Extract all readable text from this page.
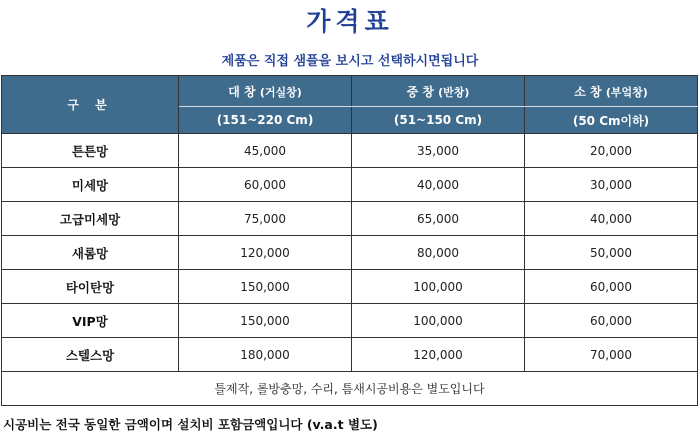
가격표
제품은 직접 샘플을 보시고 선택하시면됩니다
구 분	대 창 (거실창)	중 창 (반창)	소 창 (부엌창)
	(151~220 Cm)	(51~150 Cm)	(50 Cm이하)
튼튼망	45,000	35,000	20,000
미세망	60,000	40,000	30,000
고급미세망	75,000	65,000	40,000
새롬망	120,000	80,000	50,000
타이탄망	150,000	100,000	60,000
VIP망	150,000	100,000	60,000
스텔스망	180,000	120,000	70,000
틀제작, 롤방충망, 수리, 틈새시공비용은 별도입니다			
시공비는 전국 동일한 금액이며 설치비 포함금액입니다 (v.a.t 별도)
